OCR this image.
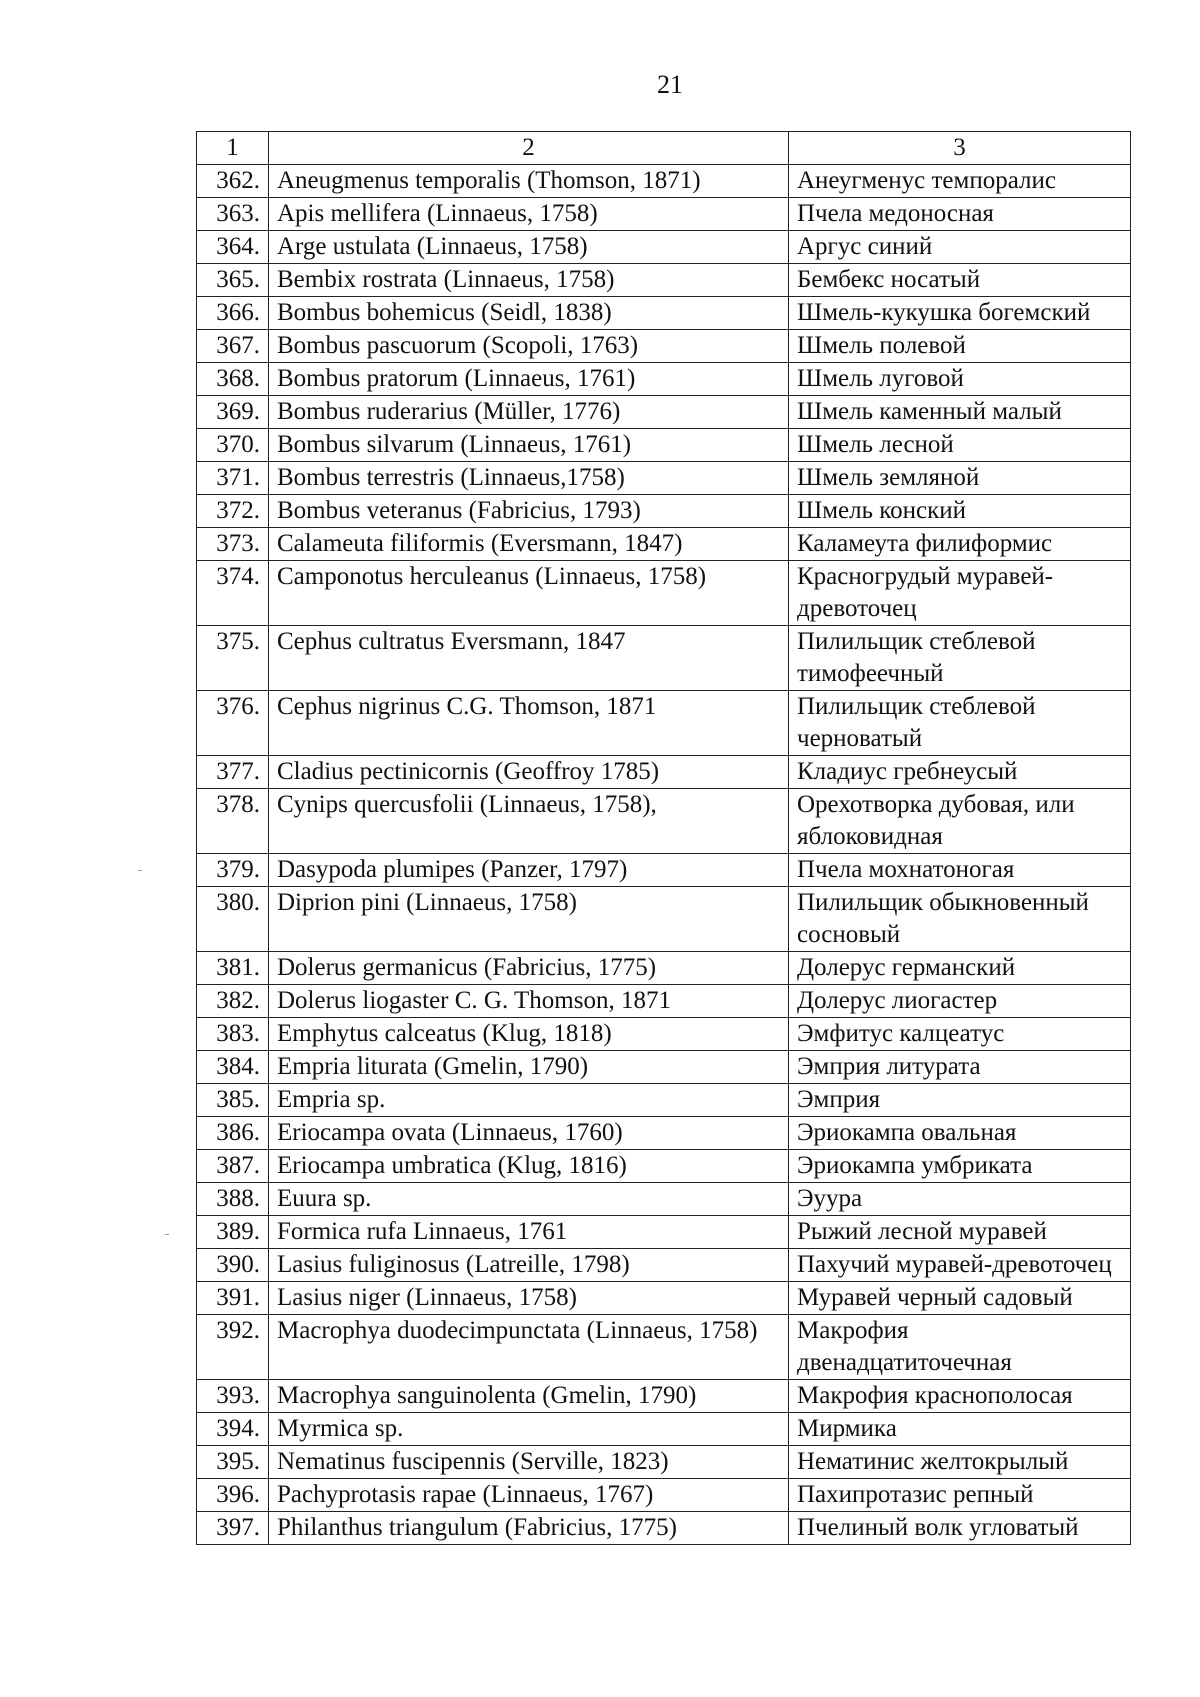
21
1	2	3
362.	Aneugmenus temporalis (Thomson, 1871)	Анеугменус темпоралис
363.	Apis mellifera (Linnaeus, 1758)	Пчела медоносная
364.	Arge ustulata (Linnaeus, 1758)	Аргус синий
365.	Bembix rostrata (Linnaeus, 1758)	Бембекс носатый
366.	Bombus bohemicus (Seidl, 1838)	Шмель-кукушка богемский
367.	Bombus pascuorum (Scopoli, 1763)	Шмель полевой
368.	Bombus pratorum (Linnaeus, 1761)	Шмель луговой
369.	Bombus ruderarius (Müller, 1776)	Шмель каменный малый
370.	Bombus silvarum (Linnaeus, 1761)	Шмель лесной
371.	Bombus terrestris (Linnaeus,1758)	Шмель земляной
372.	Bombus veteranus (Fabricius, 1793)	Шмель конский
373.	Calameuta filiformis (Eversmann, 1847)	Каламеута филиформис
374.	Camponotus herculeanus (Linnaeus, 1758)	Красногрудый муравей-древоточец
375.	Cephus cultratus Eversmann, 1847	Пилильщик стеблевой тимофеечный
376.	Cephus nigrinus C.G. Thomson, 1871	Пилильщик стеблевой черноватый
377.	Cladius pectinicornis (Geoffroy 1785)	Кладиус гребнеусый
378.	Cynips quercusfolii (Linnaeus, 1758),	Орехотворка дубовая, или яблоковидная
379.	Dasypoda plumipes (Panzer, 1797)	Пчела мохнатоногая
380.	Diprion pini (Linnaeus, 1758)	Пилильщик обыкновенный сосновый
381.	Dolerus germanicus (Fabricius, 1775)	Долерус германский
382.	Dolerus liogaster C. G. Thomson, 1871	Долерус лиогастер
383.	Emphytus calceatus (Klug, 1818)	Эмфитус калцеатус
384.	Empria liturata (Gmelin, 1790)	Эмприя литурата
385.	Empria sp.	Эмприя
386.	Eriocampa ovata (Linnaeus, 1760)	Эриокампа овальная
387.	Eriocampa umbratica (Klug, 1816)	Эриокампа умбриката
388.	Euura sp.	Эуура
389.	Formica rufa Linnaeus, 1761	Рыжий лесной муравей
390.	Lasius fuliginosus (Latreille, 1798)	Пахучий муравей-древоточец
391.	Lasius niger (Linnaeus, 1758)	Муравей черный садовый
392.	Macrophya duodecimpunctata (Linnaeus, 1758)	Макрофия двенадцатиточечная
393.	Macrophya sanguinolenta (Gmelin, 1790)	Макрофия краснополосая
394.	Myrmica sp.	Мирмика
395.	Nematinus fuscipennis (Serville, 1823)	Нематинис желтокрылый
396.	Pachyprotasis rapae (Linnaeus, 1767)	Пахипротазис репный
397.	Philanthus triangulum (Fabricius, 1775)	Пчелиный волк угловатый
